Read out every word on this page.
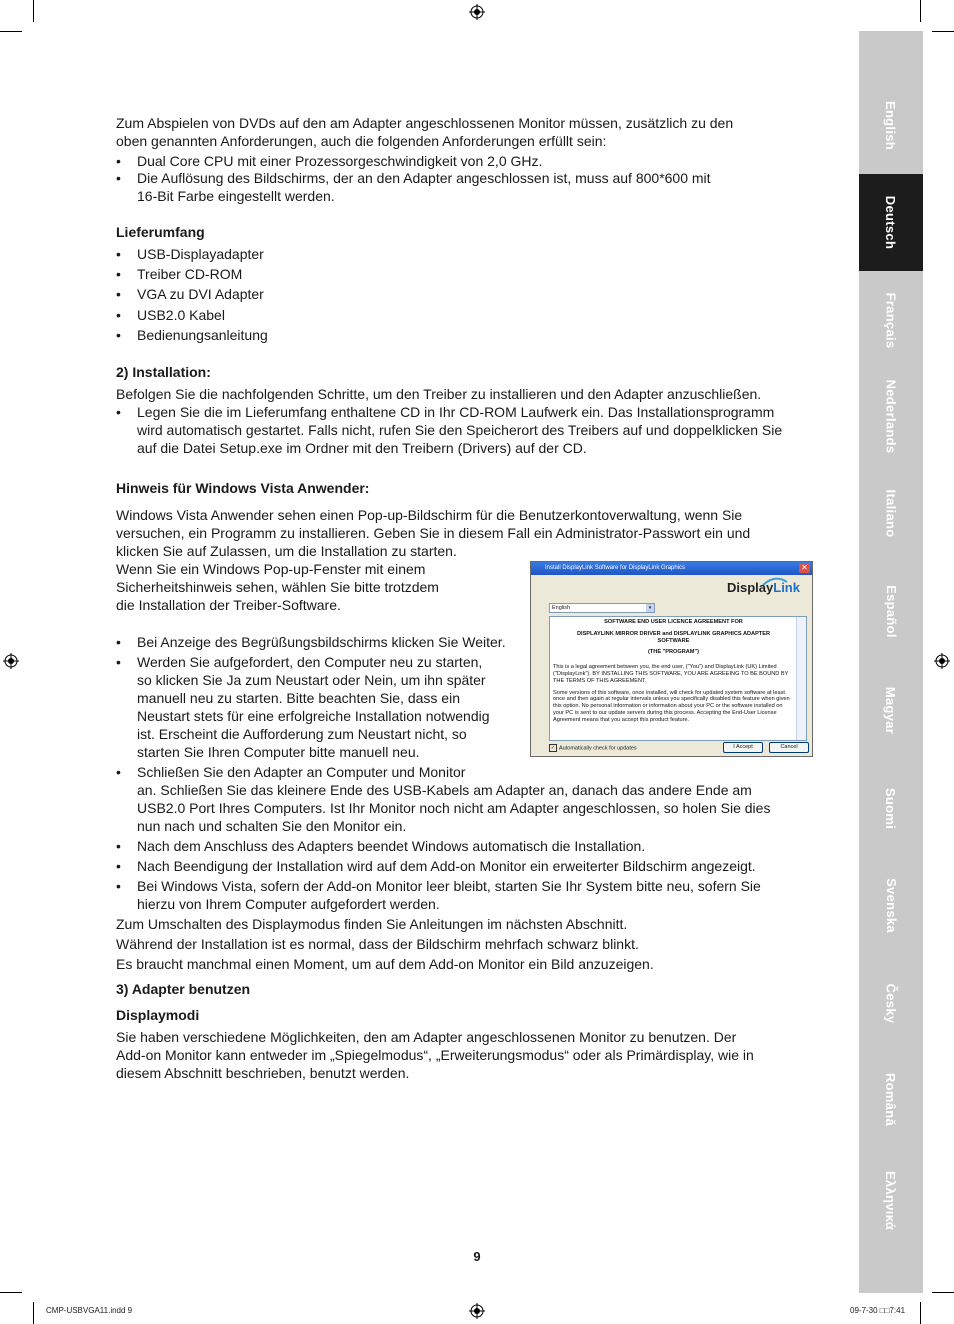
English
Deutsch
Français
Nederlands
Italiano
Español
Magyar
Suomi
Svenska
Česky
Română
Ελληνικά
Zum Abspielen von DVDs auf den am Adapter angeschlossenen Monitor müssen, zusätzlich zu den
oben genannten Anforderungen, auch die folgenden Anforderungen erfüllt sein:
• Dual Core CPU mit einer Prozessorgeschwindigkeit von 2,0 GHz.
• Die Auflösung des Bildschirms, der an den Adapter angeschlossen ist, muss auf 800*600 mit
16-Bit Farbe eingestellt werden.
Lieferumfang
• USB-Displayadapter
• Treiber CD-ROM
• VGA zu DVI Adapter
• USB2.0 Kabel
• Bedienungsanleitung
2) Installation:
Befolgen Sie die nachfolgenden Schritte, um den Treiber zu installieren und den Adapter anzuschließen.
• Legen Sie die im Lieferumfang enthaltene CD in Ihr CD-ROM Laufwerk ein. Das Installationsprogramm
wird automatisch gestartet. Falls nicht, rufen Sie den Speicherort des Treibers auf und doppelklicken Sie
auf die Datei Setup.exe im Ordner mit den Treibern (Drivers) auf der CD.
Hinweis für Windows Vista Anwender:
Windows Vista Anwender sehen einen Pop-up-Bildschirm für die Benutzerkontoverwaltung, wenn Sie
versuchen, ein Programm zu installieren. Geben Sie in diesem Fall ein Administrator-Passwort ein und
klicken Sie auf Zulassen, um die Installation zu starten.
Wenn Sie ein Windows Pop-up-Fenster mit einem
Sicherheitshinweis sehen, wählen Sie bitte trotzdem
die Installation der Treiber-Software.
• Bei Anzeige des Begrüßungsbildschirms klicken Sie Weiter.
• Werden Sie aufgefordert, den Computer neu zu starten,
so klicken Sie Ja zum Neustart oder Nein, um ihn später
manuell neu zu starten. Bitte beachten Sie, dass ein
Neustart stets für eine erfolgreiche Installation notwendig
ist. Erscheint die Aufforderung zum Neustart nicht, so
starten Sie Ihren Computer bitte manuell neu.
• Schließen Sie den Adapter an Computer und Monitor
an. Schließen Sie das kleinere Ende des USB-Kabels am Adapter an, danach das andere Ende am
USB2.0 Port Ihres Computers. Ist Ihr Monitor noch nicht am Adapter angeschlossen, so holen Sie dies
nun nach und schalten Sie den Monitor ein.
• Nach dem Anschluss des Adapters beendet Windows automatisch die Installation.
• Nach Beendigung der Installation wird auf dem Add-on Monitor ein erweiterter Bildschirm angezeigt.
• Bei Windows Vista, sofern der Add-on Monitor leer bleibt, starten Sie Ihr System bitte neu, sofern Sie
hierzu von Ihrem Computer aufgefordert werden.
Zum Umschalten des Displaymodus finden Sie Anleitungen im nächsten Abschnitt.
Während der Installation ist es normal, dass der Bildschirm mehrfach schwarz blinkt.
Es braucht manchmal einen Moment, um auf dem Add-on Monitor ein Bild anzuzeigen.
3) Adapter benutzen
Displaymodi
Sie haben verschiedene Möglichkeiten, den am Adapter angeschlossenen Monitor zu benutzen. Der
Add-on Monitor kann entweder im „Spiegelmodus“, „Erweiterungsmodus“ oder als Primärdisplay, wie in
diesem Abschnitt beschrieben, benutzt werden.
Install DisplayLink Software for DisplayLink Graphics	✕
DisplayLink
English	▾
SOFTWARE END USER LICENCE AGREEMENT FOR
DISPLAYLINK MIRROR DRIVER and DISPLAYLINK GRAPHICS ADAPTER
SOFTWARE
(THE "PROGRAM")
This is a legal agreement between you, the end user, ("You") and DisplayLink (UK) Limited ("DisplayLink"). BY INSTALLING THIS SOFTWARE, YOU ARE AGREEING TO BE BOUND BY THE TERMS OF THIS AGREEMENT.
Some versions of this software, once installed, will check for updated system software at least once and then again at regular intervals unless you specifically disabled this feature when given this option. No personal information or information about your PC or the software installed on your PC is sent to our update servers during this process. Accepting the End-User License Agreement means that you accept this product feature.
✓ Automatically check for updates	I Accept	Cancel
9
CMP-USBVGA11.indd 9	09-7-30 □□7:41
